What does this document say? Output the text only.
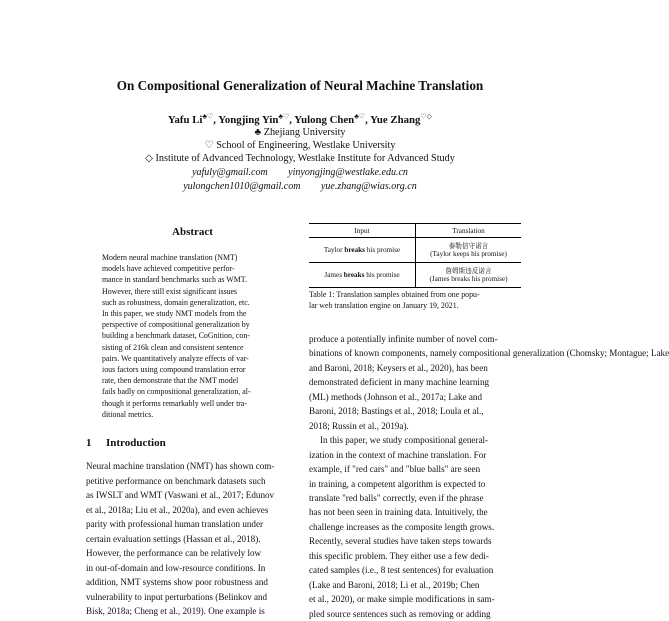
On Compositional Generalization of Neural Machine Translation
Yafu Li♣♡, Yongjing Yin♣♡, Yulong Chen♣♡, Yue Zhang♡◇
♣ Zhejiang University
♡ School of Engineering, Westlake University
◇ Institute of Advanced Technology, Westlake Institute for Advanced Study
yafuly@gmail.com yinyongjing@westlake.edu.cn
yulongchen1010@gmail.com yue.zhang@wias.org.cn
Abstract
Modern neural machine translation (NMT)
models have achieved competitive perfor-
mance in standard benchmarks such as WMT.
However, there still exist significant issues
such as robustness, domain generalization, etc.
In this paper, we study NMT models from the
perspective of compositional generalization by
building a benchmark dataset, CoGnition, con-
sisting of 216k clean and consistent sentence
pairs. We quantitatively analyze effects of var-
ious factors using compound translation error
rate, then demonstrate that the NMT model
fails badly on compositional generalization, al-
though it performs remarkably well under tra-
ditional metrics.
1 Introduction
Neural machine translation (NMT) has shown com-
petitive performance on benchmark datasets such
as IWSLT and WMT (Vaswani et al., 2017; Edunov
et al., 2018a; Liu et al., 2020a), and even achieves
parity with professional human translation under
certain evaluation settings (Hassan et al., 2018).
However, the performance can be relatively low
in out-of-domain and low-resource conditions. In
addition, NMT systems show poor robustness and
vulnerability to input perturbations (Belinkov and
Bisk, 2018a; Cheng et al., 2019). One example is
Input	Translation
Taylor breaks his promise	泰勒信守诺言
(Taylor keeps his promise)

James breaks his promise	詹姆斯违反诺言
(James breaks his promise)
Table 1: Translation samples obtained from one popu-
lar web translation engine on January 19, 2021.
produce a potentially infinite number of novel com-
binations of known components, namely compositional generalization (Chomsky; Montague; Lake
and Baroni, 2018; Keysers et al., 2020), has been
demonstrated deficient in many machine learning
(ML) methods (Johnson et al., 2017a; Lake and
Baroni, 2018; Bastings et al., 2018; Loula et al.,
2018; Russin et al., 2019a).
In this paper, we study compositional general-
ization in the context of machine translation. For
example, if "red cars" and "blue balls" are seen
in training, a competent algorithm is expected to
translate "red balls" correctly, even if the phrase
has not been seen in training data. Intuitively, the
challenge increases as the composite length grows.
Recently, several studies have taken steps towards
this specific problem. They either use a few dedi-
cated samples (i.e., 8 test sentences) for evaluation
(Lake and Baroni, 2018; Li et al., 2019b; Chen
et al., 2020), or make simple modifications in sam-
pled source sentences such as removing or adding
